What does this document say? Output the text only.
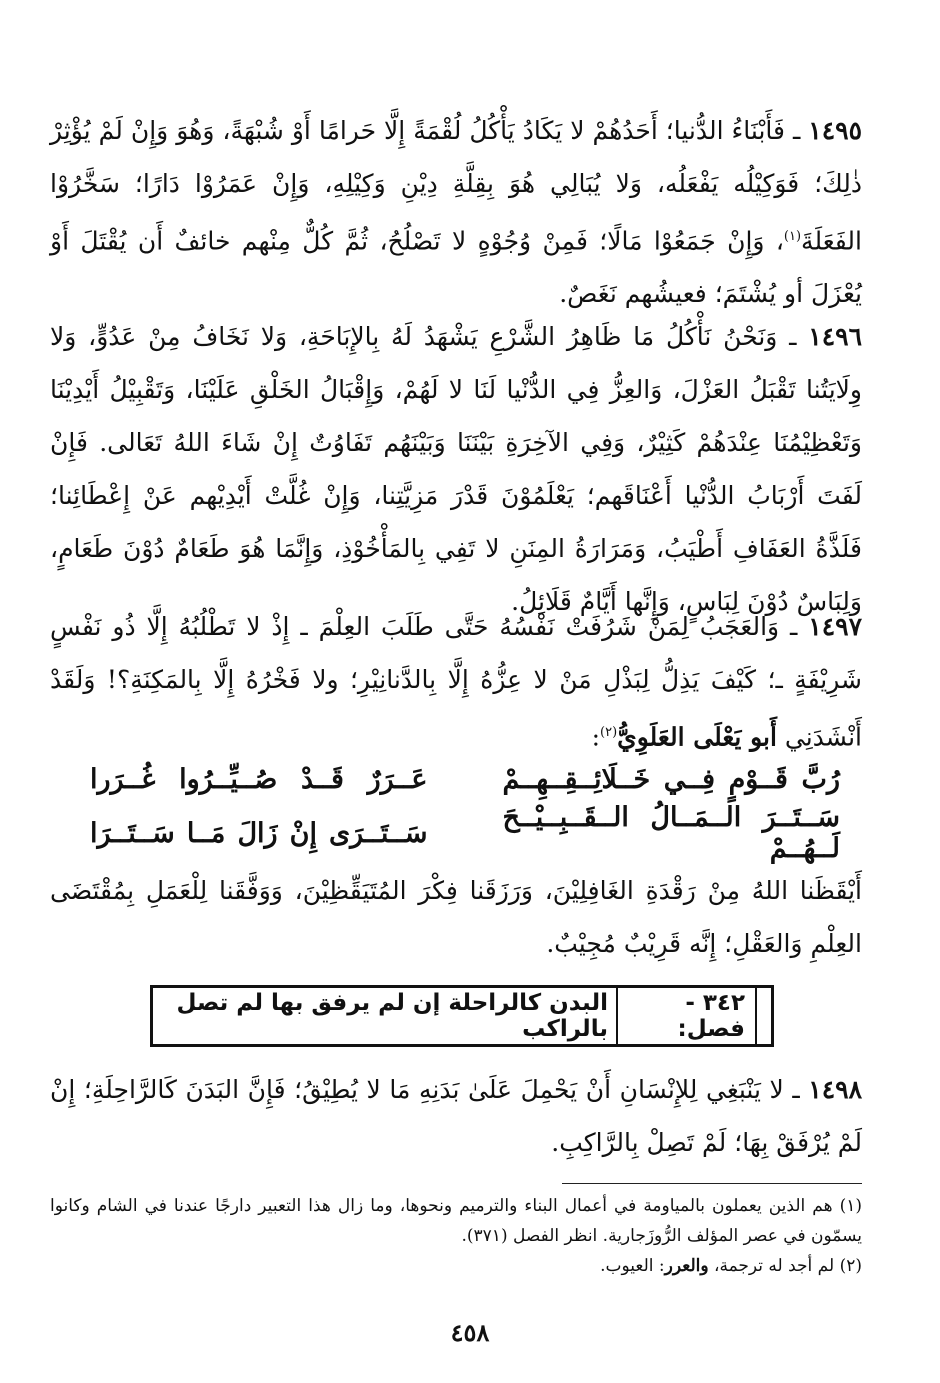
١٤٩٥ ـ فَأَبْنَاءُ الدُّنيا؛ أَحَدُهُمْ لا يَكَادُ يَأْكُلُ لُقْمَةً إِلَّا حَرامًا أَوْ شُبْهَةً، وَهُوَ وَإِنْ لَمْ يُؤْثِرْ ذٰلِكَ؛ فَوَكِيْلُه يَفْعَلُه، وَلا يُبَالِي هُوَ بِقِلَّةِ دِيْنِ وَكِيْلِهِ، وَإِنْ عَمَرُوْا دَارًا؛ سَخَّرُوْا الفَعَلَةَ$^{(١)}$، وَإِنْ جَمَعُوْا مَالًا؛ فَمِنْ وُجُوْهٍ لا تَصْلُحُ، ثُمَّ كُلٌّ مِنْهم خائفٌ أَن يُقْتَلَ أَوْ يُعْزَلَ أو يُشْتَمَ؛ فعيشُهم نَغَصٌ.

١٤٩٦ ـ وَنَحْنُ نَأْكُلُ مَا ظَاهِرُ الشَّرْعِ يَشْهَدُ لَهُ بِالإِبَاحَةِ، وَلا نَخَافُ مِنْ عَدُوٍّ، وَلا وِلَايَتُنا تَقْبَلُ العَزْلَ، وَالعِزُّ فِي الدُّنْيا لَنَا لا لَهُمْ، وَإِقْبَالُ الخَلْقِ عَلَيْنَا، وَتَقْبِيْلُ أَيْدِيْنَا وَتَعْظِيْمُنَا عِنْدَهُمْ كَثِيْرٌ، وَفِي الآخِرَةِ بَيْنَنَا وَبَيْنَهُم تَفَاوُتٌ إِنْ شَاءَ اللهُ تَعَالى. فَإِنْ لَفَتَ أَرْبَابُ الدُّنْيا أَعْنَاقَهم؛ يَعْلَمُوْنَ قَدْرَ مَزِيَّتِنا، وَإِنْ غُلَّتْ أَيْدِيْهم عَنْ إِعْطَائِنا؛ فَلَذَّةُ العَفَافِ أَطْيَبُ، وَمَرَارَةُ المِنَنِ لا تَفِي بِالمَأْخُوْذِ، وَإِنَّمَا هُوَ طَعَامٌ دُوْنَ طَعَامٍ، وَلِبَاسٌ دُوْنَ لِبَاسٍ، وَإِنَّها أَيَّامٌ قَلَائِلُ.

١٤٩٧ ـ وَالعَجَبُ لِمَنْ شَرُفَتْ نَفْسُهُ حَتَّى طَلَبَ العِلْمَ ـ إِذْ لا تَطْلُبُهُ إِلَّا ذُو نَفْسٍ شَرِيْفَةٍ ـ؛ كَيْفَ يَذِلُّ لِبَذْلِ مَنْ لا عِزُّهُ إِلَّا بِالدَّنانِيْرِ؛ ولا فَخْرُهُ إِلَّا بِالمَكِنَةِ؟! وَلَقَدْ أَنْشَدَنِي أَبو يَعْلَى العَلَوِيُّ$^{(٢)}$:

رُبَّ قَــوْمٍ فِــي خَــلَائِــقِــهِــمْ
عَــرَرٌ قَــدْ صُــيِّــرُوا غُــرَرا
سَــتَــرَ الــمَــالُ الــقَــبِــيْــحَ لَــهُــمْ
سَــتَــرَى إِنْ زَالَ مَــا سَــتَــرَا

أَيْقَظَنا اللهُ مِنْ رَقْدَةِ الغَافِلِيْنَ، وَرَزَقَنا فِكْرَ المُتَيَقِّظِيْنَ، وَوَفَّقَنا لِلْعَمَلِ بِمُقْتَضَى العِلْمِ وَالعَقْلِ؛ إِنَّه قَرِيْبٌ مُجِيْبٌ.

٣٤٢ - فصل:
البدن كالراحلة إن لم يرفق بها لم تصل بالراكب

١٤٩٨ ـ لا يَنْبَغِي لِلإِنْسَانِ أَنْ يَحْمِلَ عَلَىٰ بَدَنِهِ مَا لا يُطِيْقُ؛ فَإِنَّ البَدَنَ كَالرَّاحِلَةِ؛ إِنْ لَمْ يُرْفَقْ بِهَا؛ لَمْ تَصِلْ بِالرَّاكِبِ.

(١) هم الذين يعملون بالمياومة في أعمال البناء والترميم ونحوها، وما زال هذا التعبير دارجًا عندنا في الشام وكانوا يسمّون في عصر المؤلف الرُّوزَجارية. انظر الفصل (٣٧١).

(٢) لم أجد له ترجمة، والعرر: العيوب.

٤٥٨
